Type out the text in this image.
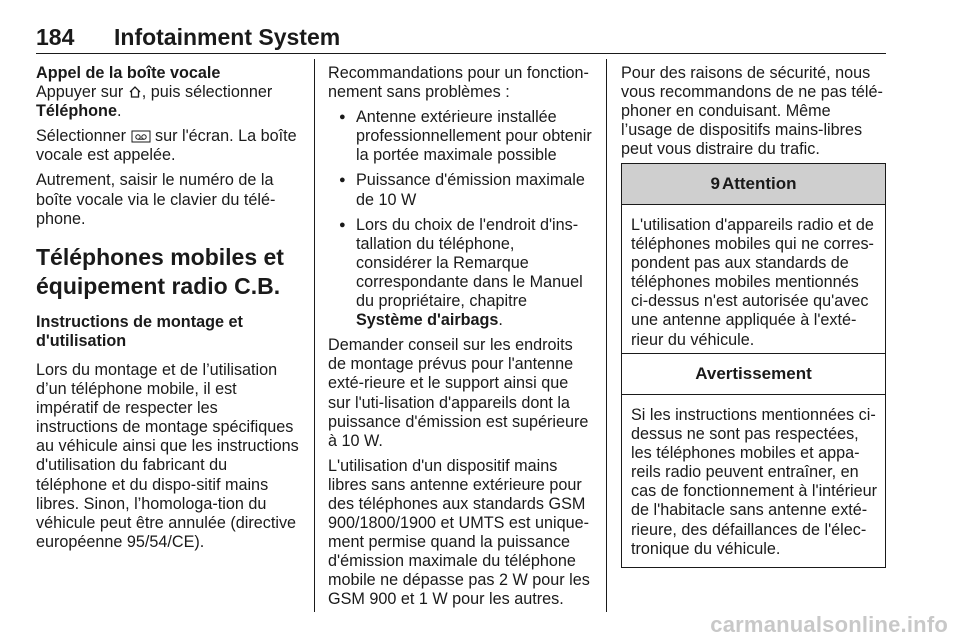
184 Infotainment System
Appel de la boîte vocale

Appuyer sur , puis sélectionner Téléphone.

Sélectionner sur l'écran. La boîte vocale est appelée.

Autrement, saisir le numéro de la boîte vocale via le clavier du télé-phone.

Téléphones mobiles et équipement radio C.B.
Instructions de montage et d'utilisation

Lors du montage et de l’utilisation d’un téléphone mobile, il est impératif de respecter les instructions de montage spécifiques au véhicule ainsi que les instructions d'utilisation du fabricant du téléphone et du dispo-sitif mains libres. Sinon, l’homologa-tion du véhicule peut être annulée (directive européenne 95/54/CE).

Recommandations pour un fonction-nement sans problèmes :

● Antenne extérieure installée professionnellement pour obtenir la portée maximale possible
● Puissance d'émission maximale de 10 W
● Lors du choix de l'endroit d'ins-tallation du téléphone, considérer la Remarque correspondante dans le Manuel du propriétaire, chapitre Système d'airbags.

Demander conseil sur les endroits de montage prévus pour l'antenne exté-rieure et le support ainsi que sur l'uti-lisation d'appareils dont la puissance d'émission est supérieure à 10 W.

L'utilisation d'un dispositif mains libres sans antenne extérieure pour des téléphones aux standards GSM 900/1800/1900 et UMTS est unique-ment permise quand la puissance d'émission maximale du téléphone mobile ne dépasse pas 2 W pour les GSM 900 et 1 W pour les autres.

Pour des raisons de sécurité, nous vous recommandons de ne pas télé-phoner en conduisant. Même l’usage de dispositifs mains-libres peut vous distraire du trafic.

9 Attention
L'utilisation d'appareils radio et de téléphones mobiles qui ne corres-pondent pas aux standards de téléphones mobiles mentionnés ci-dessus n'est autorisée qu'avec une antenne appliquée à l'exté-rieur du véhicule.
Avertissement
Si les instructions mentionnées ci-dessus ne sont pas respectées, les téléphones mobiles et appa-reils radio peuvent entraîner, en cas de fonctionnement à l'intérieur de l'habitacle sans antenne exté-rieure, des défaillances de l'élec-tronique du véhicule.
carmanualsonline.info
